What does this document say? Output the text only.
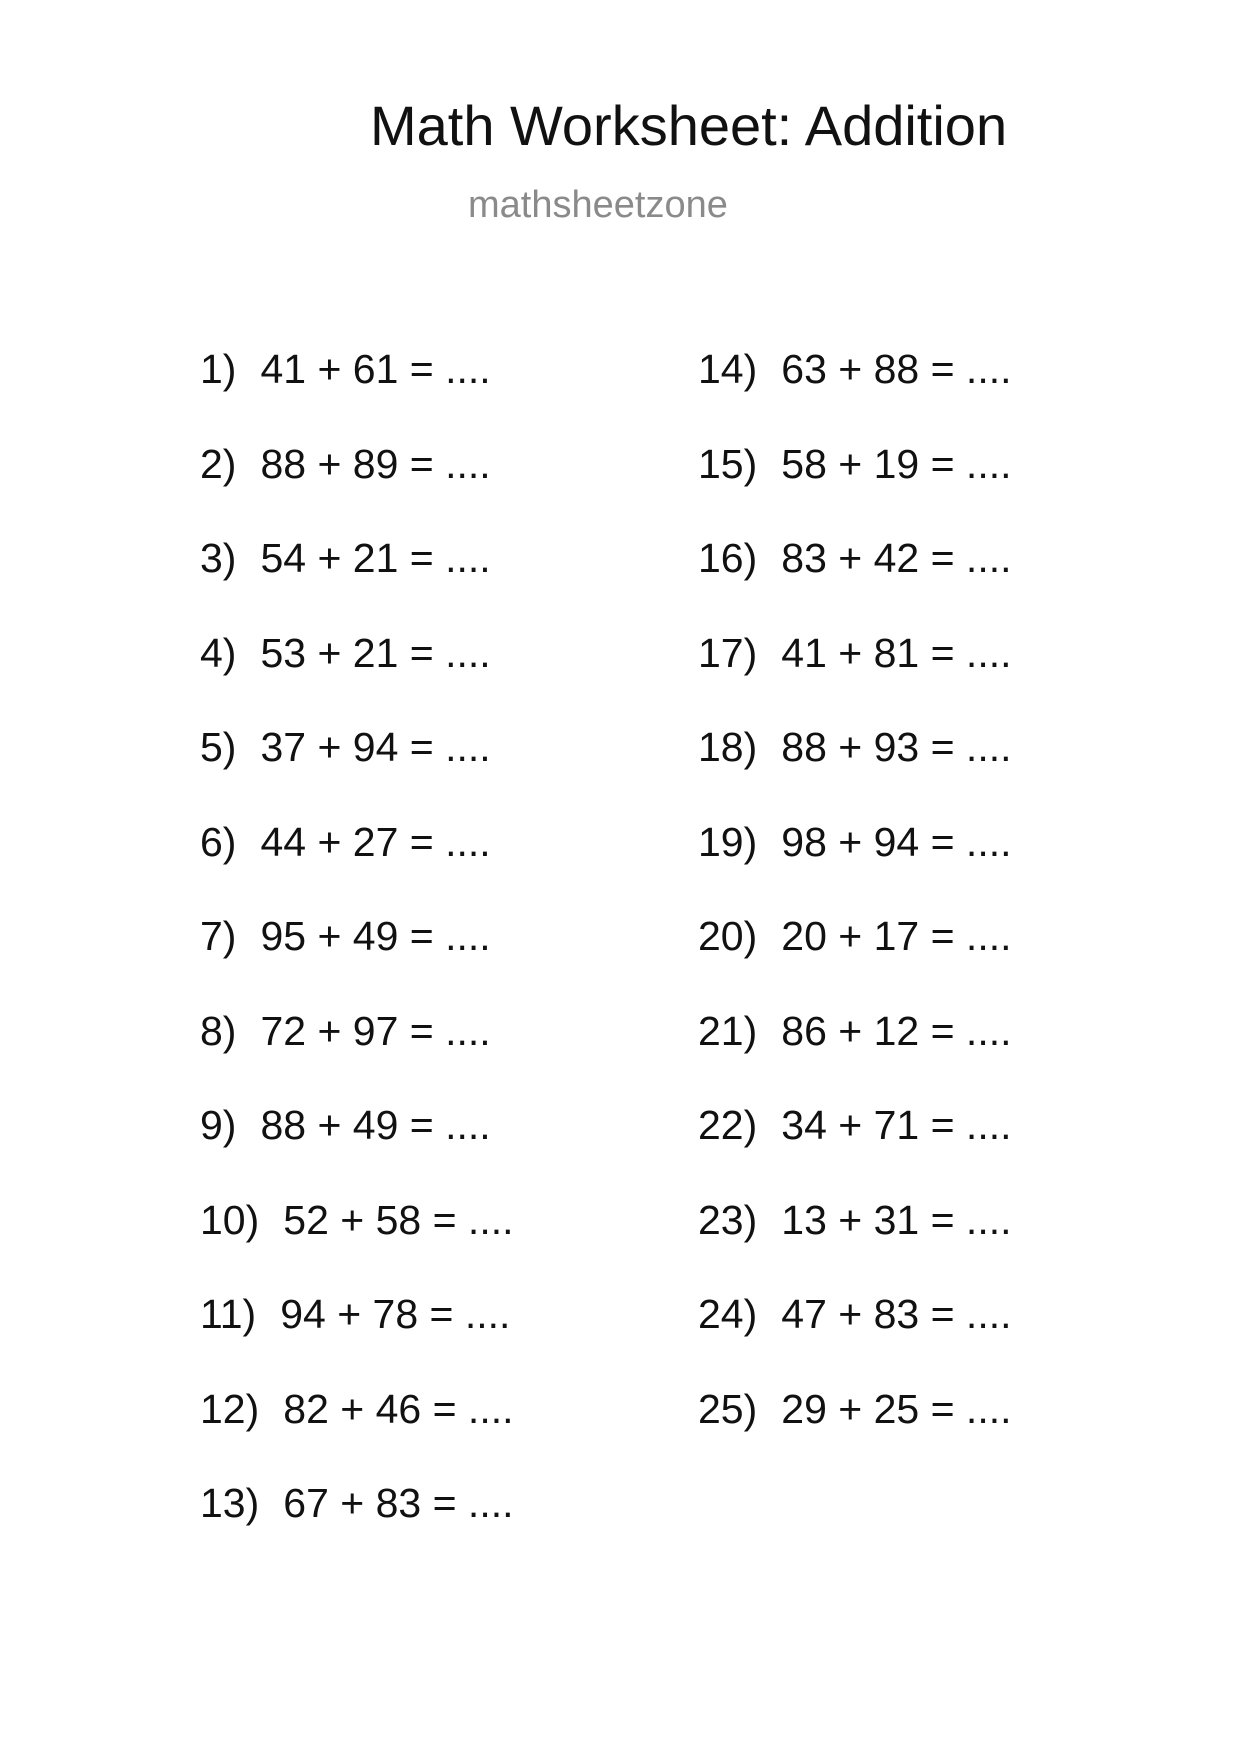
Math Worksheet: Addition
mathsheetzone
1) 41 + 61 = ....
2) 88 + 89 = ....
3) 54 + 21 = ....
4) 53 + 21 = ....
5) 37 + 94 = ....
6) 44 + 27 = ....
7) 95 + 49 = ....
8) 72 + 97 = ....
9) 88 + 49 = ....
10) 52 + 58 = ....
11) 94 + 78 = ....
12) 82 + 46 = ....
13) 67 + 83 = ....
14) 63 + 88 = ....
15) 58 + 19 = ....
16) 83 + 42 = ....
17) 41 + 81 = ....
18) 88 + 93 = ....
19) 98 + 94 = ....
20) 20 + 17 = ....
21) 86 + 12 = ....
22) 34 + 71 = ....
23) 13 + 31 = ....
24) 47 + 83 = ....
25) 29 + 25 = ....
